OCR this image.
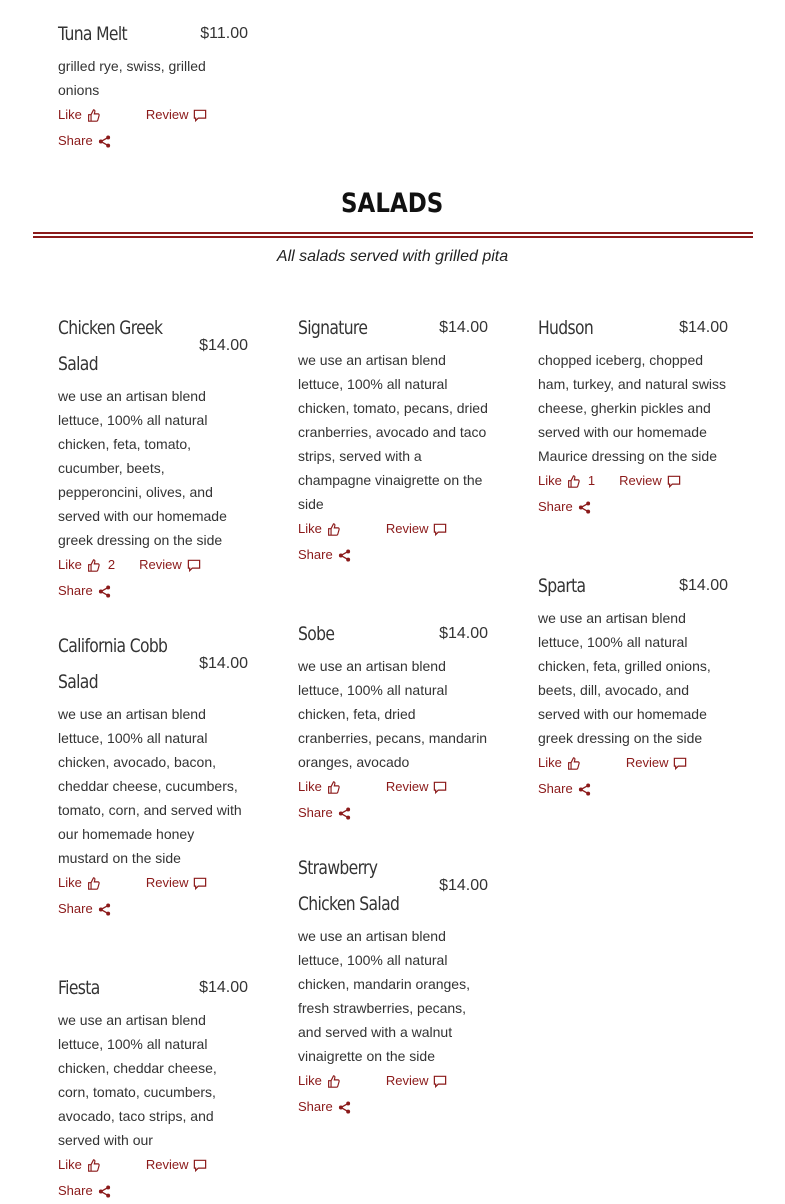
Tuna Melt	$11.00
grilled rye, swiss, grilled onions
Like	Review
Share
SALADS
All salads served with grilled pita
Chicken Greek Salad
$14.00
we use an artisan blend lettuce, 100% all natural chicken, feta, tomato, cucumber, beets, pepperoncini, olives, and served with our homemade greek dressing on the side
Like 2 Review
Share
Signature	$14.00
we use an artisan blend lettuce, 100% all natural chicken, tomato, pecans, dried cranberries, avocado and taco strips, served with a champagne vinaigrette on the side
Like	Review
Share
Hudson	$14.00
chopped iceberg, chopped ham, turkey, and natural swiss cheese, gherkin pickles and served with our homemade Maurice dressing on the side
Like 1 Review
Share
Sparta	$14.00
we use an artisan blend lettuce, 100% all natural chicken, feta, grilled onions, beets, dill, avocado, and served with our homemade greek dressing on the side
Like	Review
Share
California Cobb Salad
$14.00
we use an artisan blend lettuce, 100% all natural chicken, avocado, bacon, cheddar cheese, cucumbers, tomato, corn, and served with our homemade honey mustard on the side
Like	Review
Share
Sobe	$14.00
we use an artisan blend lettuce, 100% all natural chicken, feta, dried cranberries, pecans, mandarin oranges, avocado
Like	Review
Share
Strawberry Chicken Salad
$14.00
we use an artisan blend lettuce, 100% all natural chicken, mandarin oranges, fresh strawberries, pecans, and served with a walnut vinaigrette on the side
Like	Review
Share
Fiesta	$14.00
we use an artisan blend lettuce, 100% all natural chicken, cheddar cheese, corn, tomato, cucumbers, avocado, taco strips, and served with our
Like	Review
Share
